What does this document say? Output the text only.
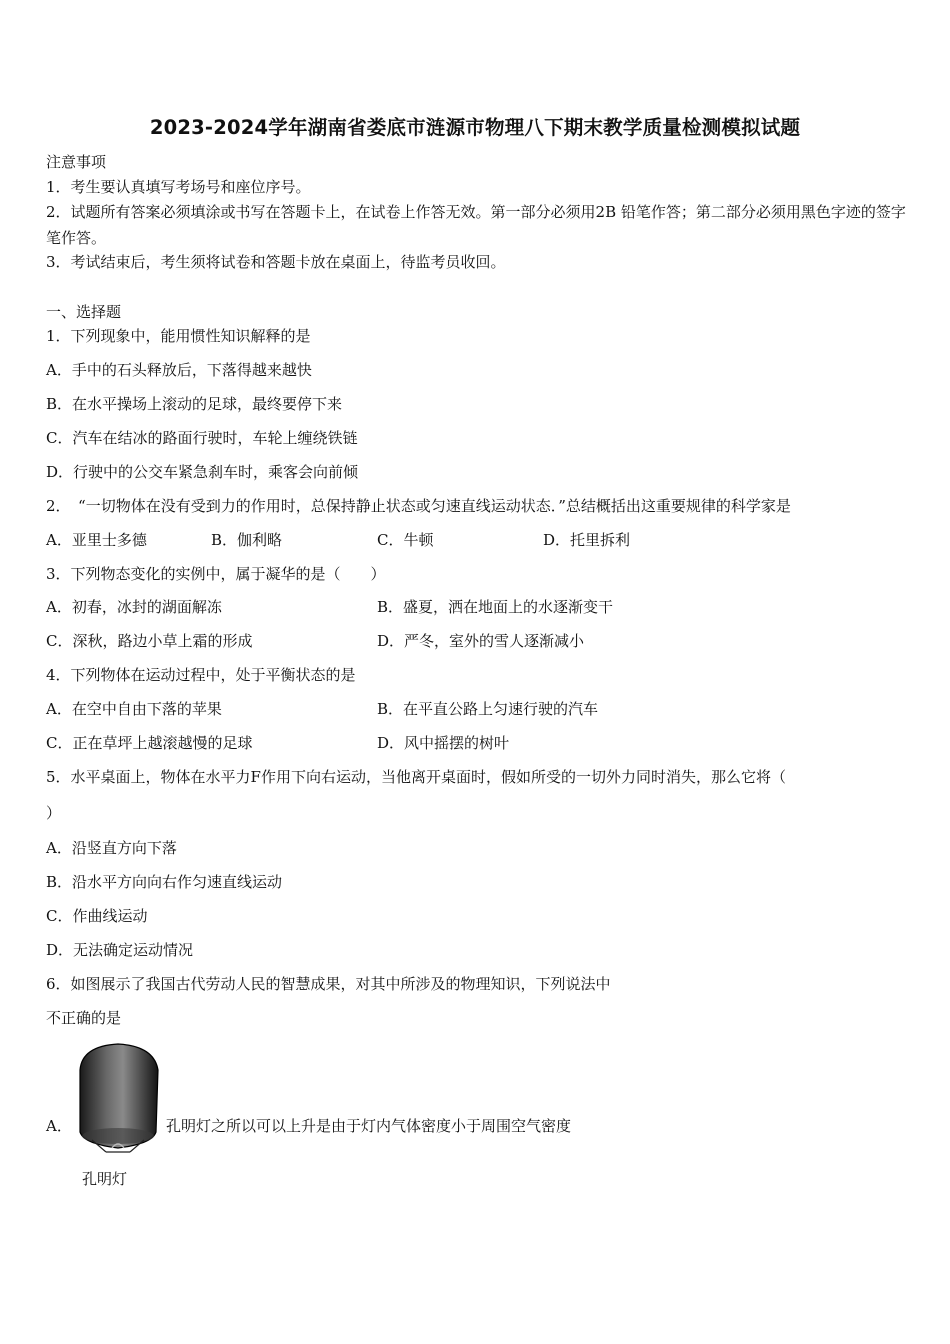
2023-2024学年湖南省娄底市涟源市物理八下期末教学质量检测模拟试题
注意事项
1．考生要认真填写考场号和座位序号。
2．试题所有答案必须填涂或书写在答题卡上，在试卷上作答无效。第一部分必须用2B 铅笔作答；第二部分必须用黑色字迹的签字笔作答。
3．考试结束后，考生须将试卷和答题卡放在桌面上，待监考员收回。
一、选择题
1．下列现象中，能用惯性知识解释的是
A．手中的石头释放后，下落得越来越快
B．在水平操场上滚动的足球，最终要停下来
C．汽车在结冰的路面行驶时，车轮上缠绕铁链
D．行驶中的公交车紧急刹车时，乘客会向前倾
2．　“一切物体在没有受到力的作用时，总保持静止状态或匀速直线运动状态．”总结概括出这重要规律的科学家是
A．亚里士多德	B．伽利略	C．牛顿	D．托里拆利
3．下列物态变化的实例中，属于凝华的是（　　）
A．初春，冰封的湖面解冻	B．盛夏，洒在地面上的水逐渐变干
C．深秋，路边小草上霜的形成	D．严冬，室外的雪人逐渐减小
4．下列物体在运动过程中，处于平衡状态的是
A．在空中自由下落的苹果	B．在平直公路上匀速行驶的汽车
C．正在草坪上越滚越慢的足球	D．风中摇摆的树叶
5．水平桌面上，物体在水平力F作用下向右运动，当他离开桌面时，假如所受的一切外力同时消失，那么它将（
）
A．沿竖直方向下落
B．沿水平方向向右作匀速直线运动
C．作曲线运动
D．无法确定运动情况
6．如图展示了我国古代劳动人民的智慧成果，对其中所涉及的物理知识，下列说法中
不正确的是
A．
孔明灯
孔明灯之所以可以上升是由于灯内气体密度小于周围空气密度
